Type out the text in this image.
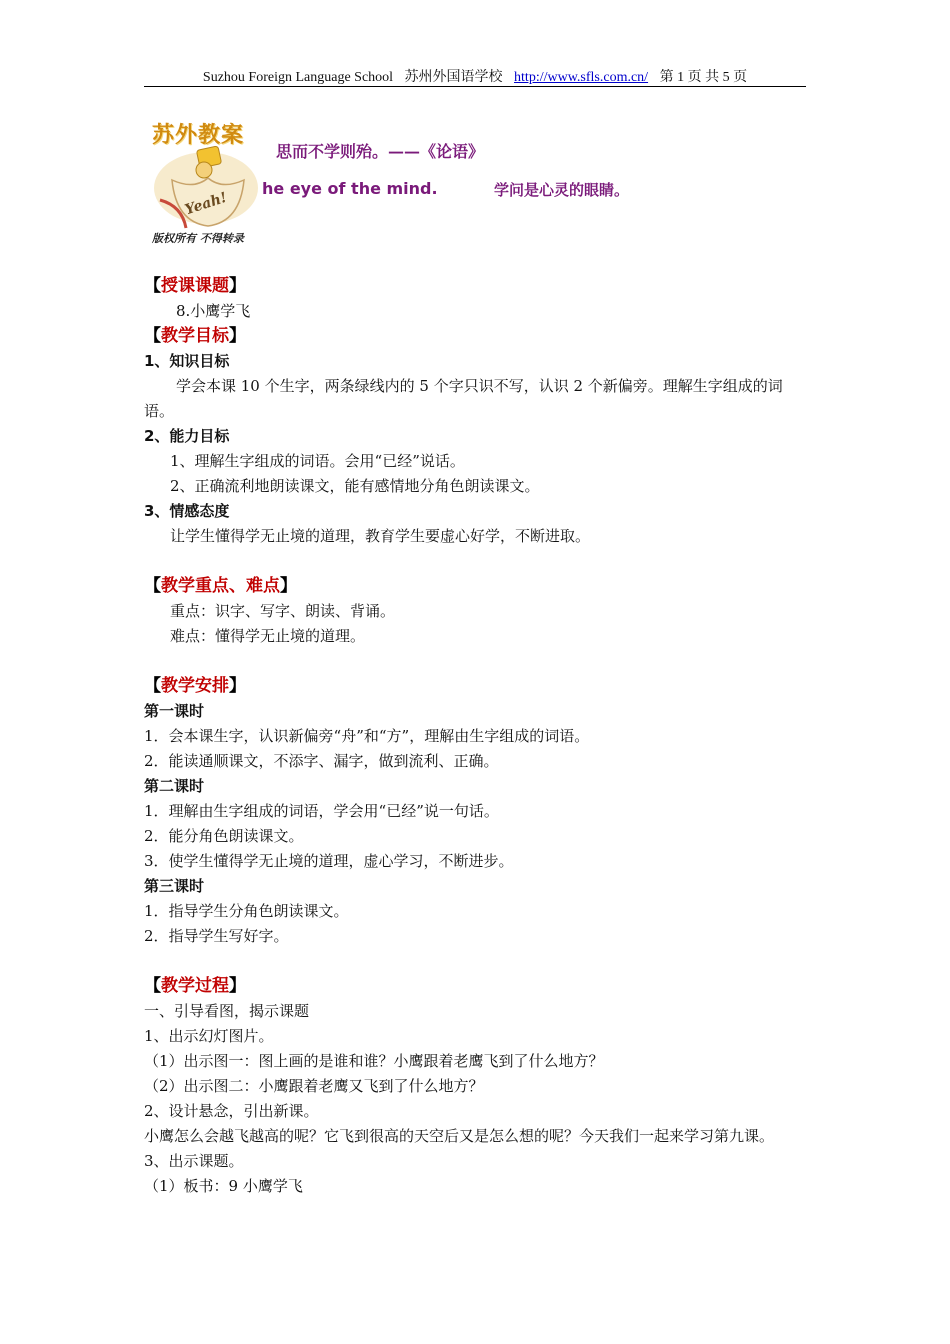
Suzhou Foreign Language School 苏州外国语学校 http://www.sfls.com.cn/ 第 1 页 共 5 页
Yeah!
苏外教案
版权所有 不得转录
思而不学则殆。——《论语》
he eye of the mind.	学问是心灵的眼睛。
【授课课题】
8.小鹰学飞
【教学目标】
1、知识目标
学会本课 10 个生字，两条绿线内的 5 个字只识不写，认识 2 个新偏旁。理解生字组成的词语。
2、能力目标
1、理解生字组成的词语。会用“已经”说话。
2、正确流利地朗读课文，能有感情地分角色朗读课文。
3、情感态度
让学生懂得学无止境的道理，教育学生要虚心好学，不断进取。
【教学重点、难点】
重点：识字、写字、朗读、背诵。
难点：懂得学无止境的道理。
【教学安排】
第一课时
1．会本课生字，认识新偏旁“舟”和“方”，理解由生字组成的词语。
2．能读通顺课文，不添字、漏字，做到流利、正确。
第二课时
1．理解由生字组成的词语，学会用“已经”说一句话。
2．能分角色朗读课文。
3．使学生懂得学无止境的道理，虚心学习，不断进步。
第三课时
1．指导学生分角色朗读课文。
2．指导学生写好字。
【教学过程】
一、引导看图，揭示课题
1、出示幻灯图片。
（1）出示图一：图上画的是谁和谁？小鹰跟着老鹰飞到了什么地方？
（2）出示图二：小鹰跟着老鹰又飞到了什么地方？
2、设计悬念，引出新课。
小鹰怎么会越飞越高的呢？它飞到很高的天空后又是怎么想的呢？今天我们一起来学习第九课。
3、出示课题。
（1）板书：9 小鹰学飞
